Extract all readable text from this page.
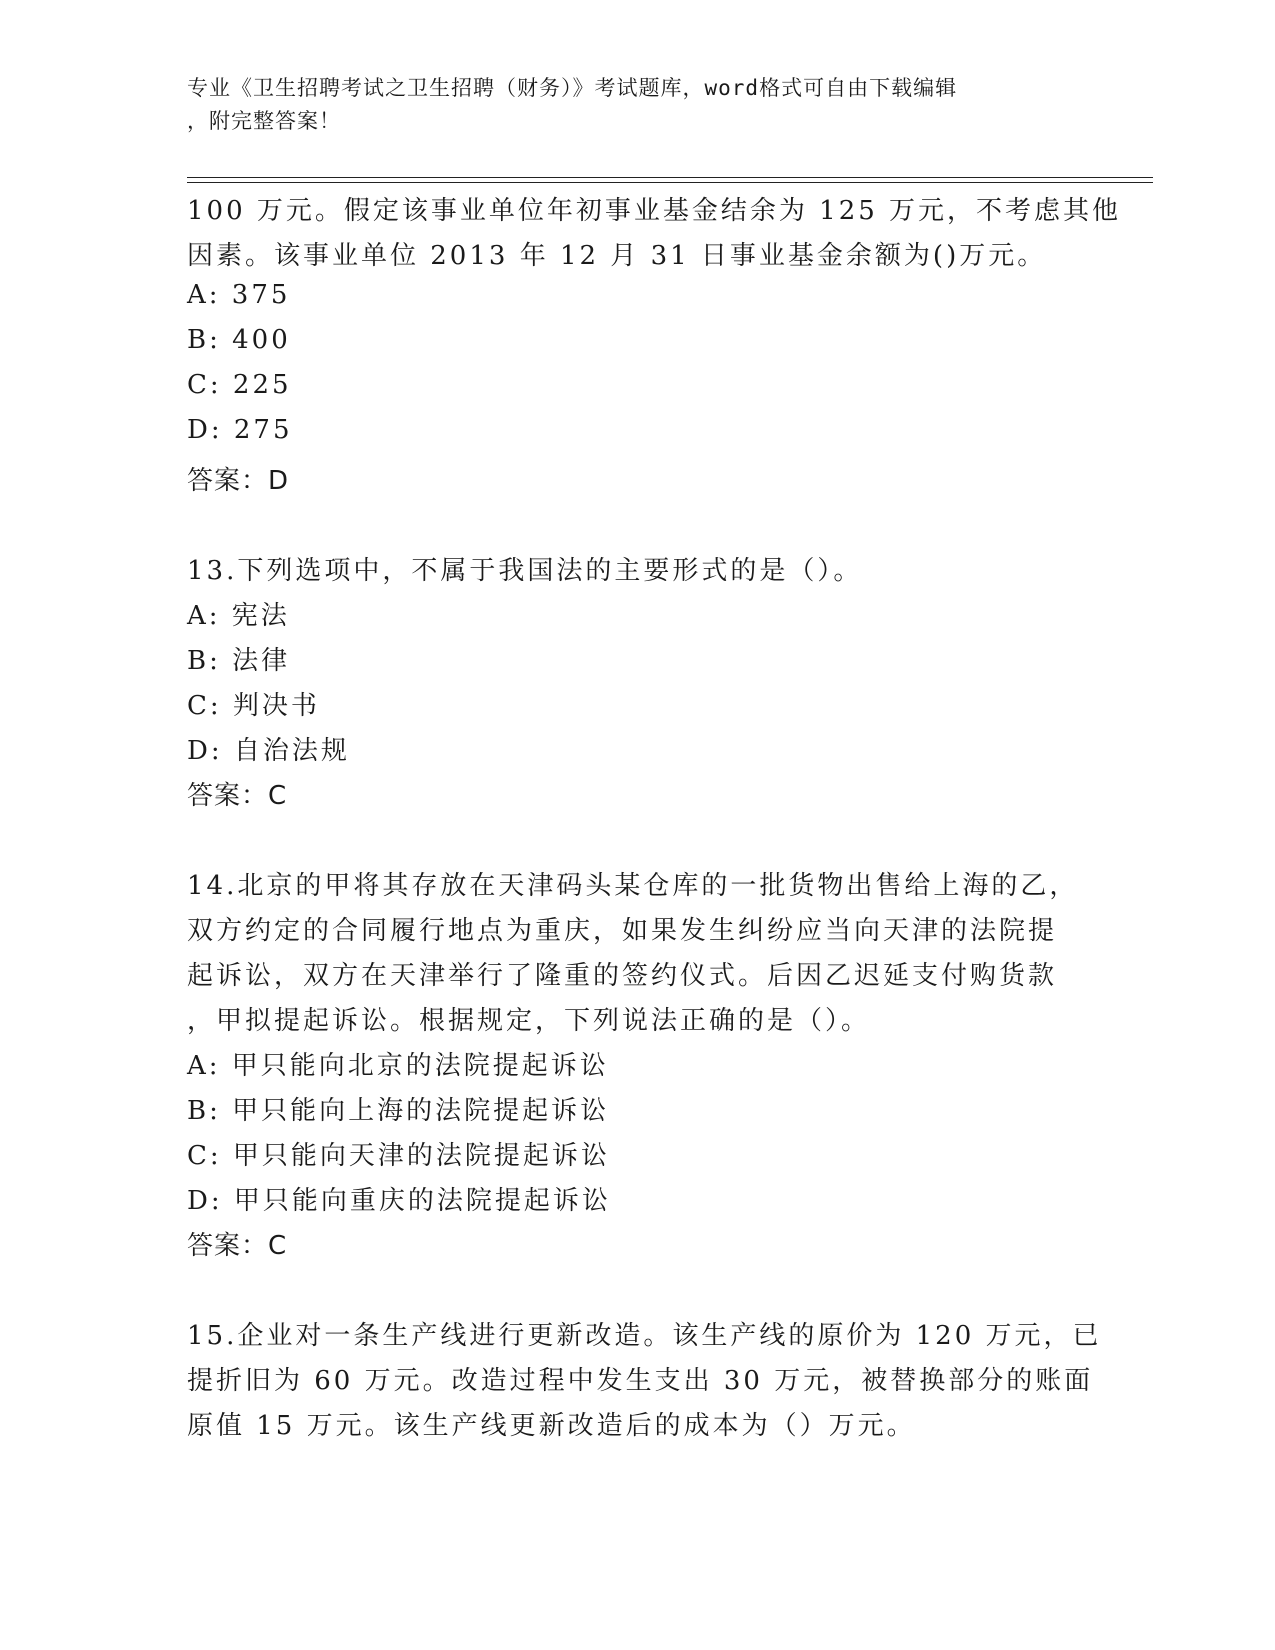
专业《卫生招聘考试之卫生招聘（财务）》考试题库，word格式可自由下载编辑
，附完整答案！
100 万元。假定该事业单位年初事业基金结余为 125 万元，不考虑其他
因素。该事业单位 2013 年 12 月 31 日事业基金余额为()万元。
A: 375
B: 400
C: 225
D: 275
答案：D
13.下列选项中，不属于我国法的主要形式的是（）。
A: 宪法
B: 法律
C: 判决书
D: 自治法规
答案：C
14.北京的甲将其存放在天津码头某仓库的一批货物出售给上海的乙，
双方约定的合同履行地点为重庆，如果发生纠纷应当向天津的法院提
起诉讼，双方在天津举行了隆重的签约仪式。后因乙迟延支付购货款
，甲拟提起诉讼。根据规定，下列说法正确的是（）。
A: 甲只能向北京的法院提起诉讼
B: 甲只能向上海的法院提起诉讼
C: 甲只能向天津的法院提起诉讼
D: 甲只能向重庆的法院提起诉讼
答案：C
15.企业对一条生产线进行更新改造。该生产线的原价为 120 万元，已
提折旧为 60 万元。改造过程中发生支出 30 万元，被替换部分的账面
原值 15 万元。该生产线更新改造后的成本为（）万元。
